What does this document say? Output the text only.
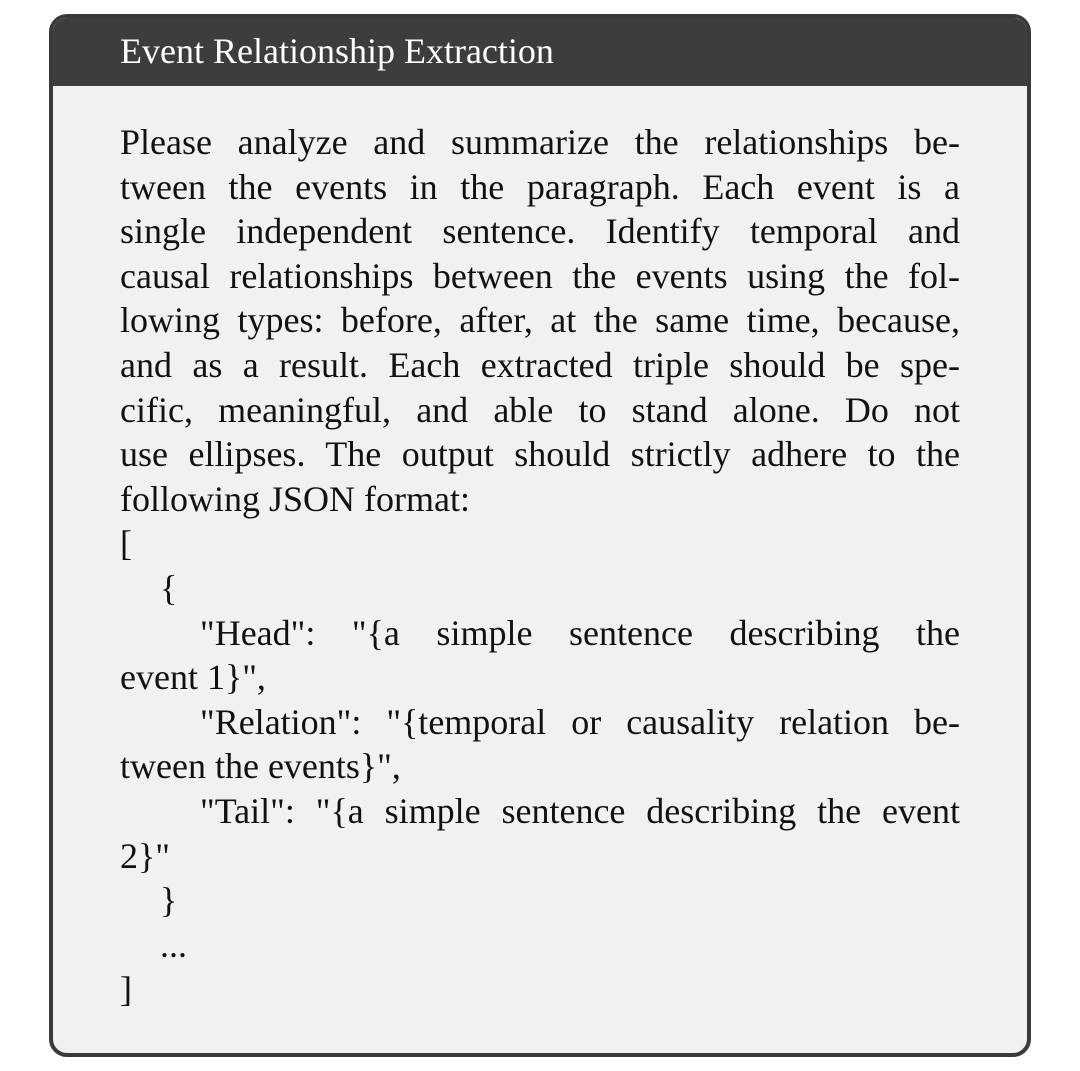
Event Relationship Extraction
Please analyze and summarize the relationships be-
tween the events in the paragraph. Each event is a
single independent sentence. Identify temporal and
causal relationships between the events using the fol-
lowing types: before, after, at the same time, because,
and as a result. Each extracted triple should be spe-
cific, meaningful, and able to stand alone. Do not
use ellipses. The output should strictly adhere to the
following JSON format:
[
{
"Head": "{a simple sentence describing the
event 1}",
"Relation": "{temporal or causality relation be-
tween the events}",
"Tail": "{a simple sentence describing the event
2}"
}
...
]
